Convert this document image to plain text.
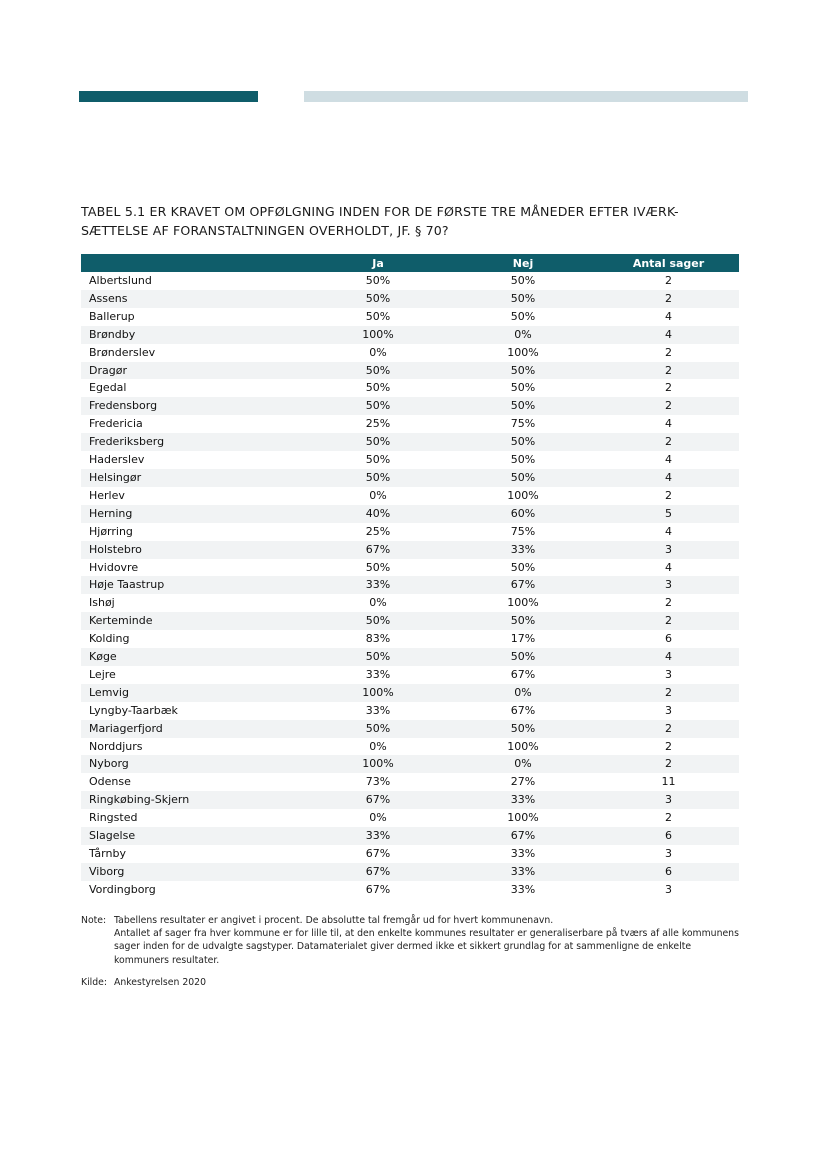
TABEL 5.1 ER KRAVET OM OPFØLGNING INDEN FOR DE FØRSTE TRE MÅNEDER EFTER IVÆRK-SÆTTELSE AF FORANSTALTNINGEN OVERHOLDT, JF. § 70?
	Ja	Nej	Antal sager
Albertslund	50%	50%	2
Assens	50%	50%	2
Ballerup	50%	50%	4
Brøndby	100%	0%	4
Brønderslev	0%	100%	2
Dragør	50%	50%	2
Egedal	50%	50%	2
Fredensborg	50%	50%	2
Fredericia	25%	75%	4
Frederiksberg	50%	50%	2
Haderslev	50%	50%	4
Helsingør	50%	50%	4
Herlev	0%	100%	2
Herning	40%	60%	5
Hjørring	25%	75%	4
Holstebro	67%	33%	3
Hvidovre	50%	50%	4
Høje Taastrup	33%	67%	3
Ishøj	0%	100%	2
Kerteminde	50%	50%	2
Kolding	83%	17%	6
Køge	50%	50%	4
Lejre	33%	67%	3
Lemvig	100%	0%	2
Lyngby-Taarbæk	33%	67%	3
Mariagerfjord	50%	50%	2
Norddjurs	0%	100%	2
Nyborg	100%	0%	2
Odense	73%	27%	11
Ringkøbing-Skjern	67%	33%	3
Ringsted	0%	100%	2
Slagelse	33%	67%	6
Tårnby	67%	33%	3
Viborg	67%	33%	6
Vordingborg	67%	33%	3
Note: Tabellens resultater er angivet i procent. De absolutte tal fremgår ud for hvert kommunenavn.

Antallet af sager fra hver kommune er for lille til, at den enkelte kommunes resultater er generaliserbare på tværs af alle kommunens sager inden for de udvalgte sagstyper. Datamaterialet giver dermed ikke et sikkert grundlag for at sammenligne de enkelte kommuners resultater.

Kilde: Ankestyrelsen 2020
